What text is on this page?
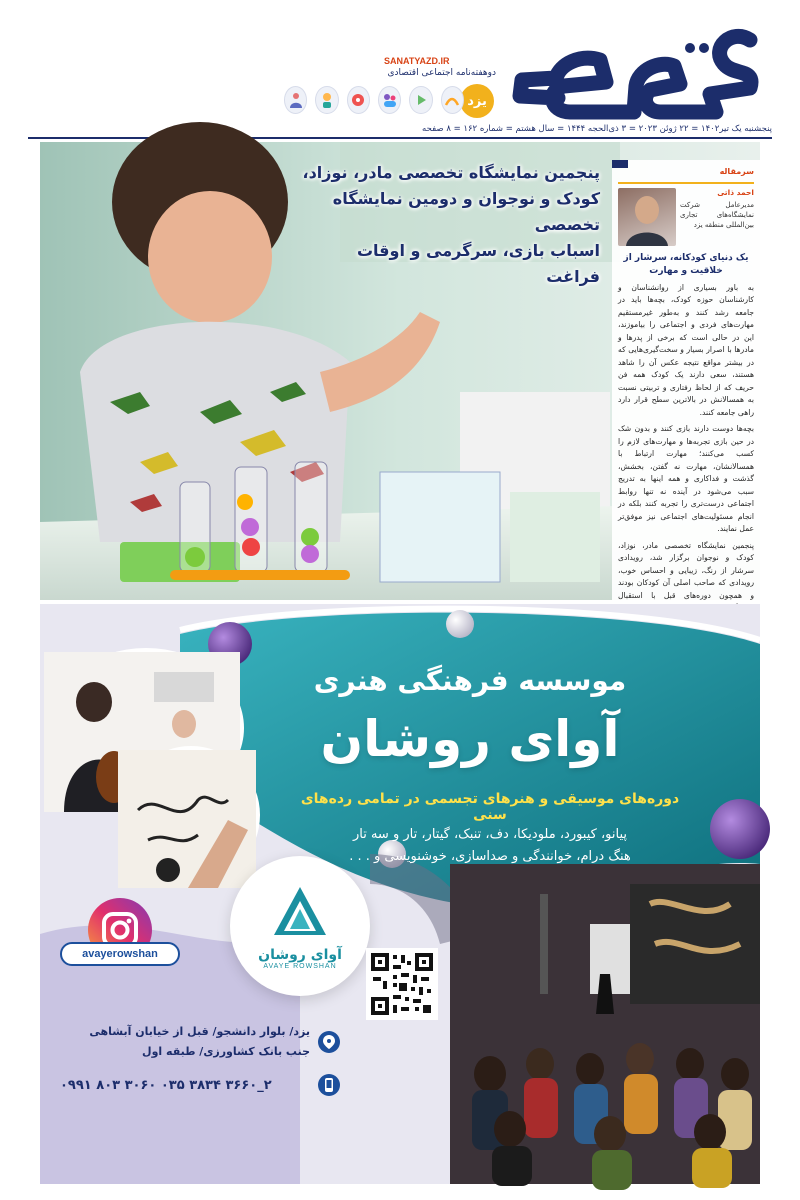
یزد
SANATYAZD.IR
دوهفته‌نامه اجتماعی اقتصادی
پنجشنبه یک تیر۱۴۰۲ = ۲۲ ژوئن ۲۰۲۳ = ۳ ذی‌الحجه ۱۴۴۴ = سال هشتم = شماره ۱۶۲ = ۸ صفحه
پنجمین نمایشگاه تخصصی مادر، نوزاد،
کودک و نوجوان و دومین نمایشگاه تخصصی
اسباب بازی، سرگرمی و اوقات فراغت
سرمقاله
احمد ذاتی
مدیرعامل شرکت نمایشگاه‌های تجاری بین‌المللی منطقه یزد
یک دنیای کودکانه، سرشار از خلاقیت و مهارت

به باور بسیاری از روانشناسان و کارشناسان حوزه کودک، بچه‌ها باید در جامعه رشد کنند و به‌طور غیرمستقیم مهارت‌های فردی و اجتماعی را بیاموزند، این در حالی است که برخی از پدرها و مادرها با اصرار بسیار و سخت‌گیری‌هایی که در بیشتر مواقع نتیجه عکس آن را شاهد هستند، سعی دارند یک کودک همه فن حریف که از لحاظ رفتاری و تربیتی نسبت به همسالانش در بالاترین سطح قرار دارد راهی جامعه کنند.

بچه‌ها دوست دارند بازی کنند و بدون شک در حین بازی تجربه‌ها و مهارت‌های لازم را کسب می‌کنند؛ مهارت ارتباط با همسالانشان، مهارت نه گفتن، بخشش، گذشت و فداکاری و همه اینها به تدریج سبب می‌شود در آینده نه تنها روابط اجتماعی درست‌تری را تجربه کنند بلکه در انجام مسئولیت‌های اجتماعی نیز موفق‌تر عمل نمایند.

پنجمین نمایشگاه تخصصی مادر، نوزاد، کودک و نوجوان برگزار شد، رویدادی سرشار از رنگ، زیبایی و احساس خوب، رویدادی که صاحب اصلی آن کودکان بودند و همچون دوره‌های قبل با استقبال

موسسه فرهنگی هنری
آوای روشان
دوره‌های موسیقی و هنرهای تجسمی در تمامی رده‌های سنی
پیانو، کیبورد، ملودیکا، دف، تنبک، گیتار، تار و سه تار
هنگ درام، خوانندگی و صداسازی، خوشنویسی و . . .
آوای روشان
AVAYE ROWSHAN
avayerowshan
یزد/ بلوار دانشجو/ قبل از خیابان آبشاهی
جنب بانک کشاورزی/ طبقه اول
۰۹۹۱ ۸۰۳ ۳۰۶۰ ۰۳۵ ۳۸۳۴ ۳۶۶۰_۲
